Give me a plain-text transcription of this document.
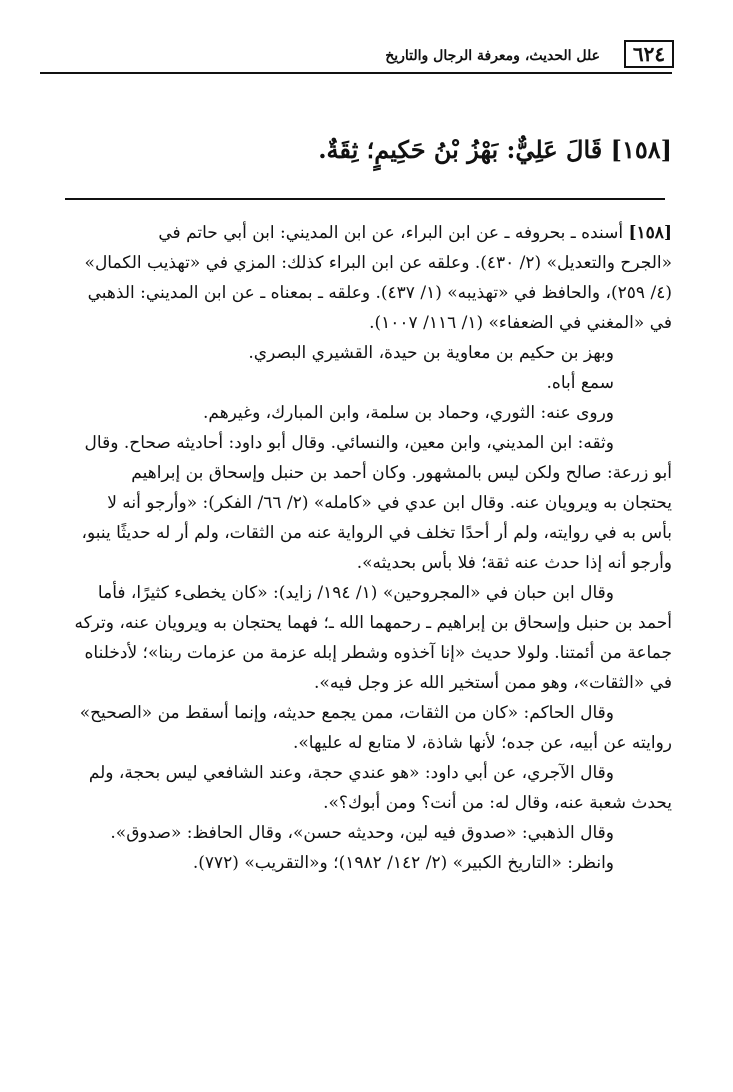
٦٢٤
علل الحديث، ومعرفة الرجال والتاريخ
[١٥٨] قَالَ عَلِيٌّ: بَهْزُ بْنُ حَكِيمٍ؛ ثِقَةٌ.
[١٥٨] أسنده ـ بحروفه ـ عن ابن البراء، عن ابن المديني: ابن أبي حاتم في
«الجرح والتعديل» (٢/ ٤٣٠). وعلقه عن ابن البراء كذلك: المزي في «تهذيب الكمال»
(٤/ ٢٥٩)، والحافظ في «تهذيبه» (١/ ٤٣٧). وعلقه ـ بمعناه ـ عن ابن المديني: الذهبي
في «المغني في الضعفاء» (١/ ١١٦/ ١٠٠٧).
وبهز بن حكيم بن معاوية بن حيدة، القشيري البصري.
سمع أباه.
وروى عنه: الثوري، وحماد بن سلمة، وابن المبارك، وغيرهم.
وثقه: ابن المديني، وابن معين، والنسائي. وقال أبو داود: أحاديثه صحاح. وقال
أبو زرعة: صالح ولكن ليس بالمشهور. وكان أحمد بن حنبل وإسحاق بن إبراهيم
يحتجان به ويرويان عنه. وقال ابن عدي في «كامله» (٢/ ٦٦/ الفكر): «وأرجو أنه لا
بأس به في روايته، ولم أر أحدًا تخلف في الرواية عنه من الثقات، ولم أر له حديثًا ينبو،
وأرجو أنه إذا حدث عنه ثقة؛ فلا بأس بحديثه».
وقال ابن حبان في «المجروحين» (١/ ١٩٤/ زايد): «كان يخطىء كثيرًا، فأما
أحمد بن حنبل وإسحاق بن إبراهيم ـ رحمهما الله ـ؛ فهما يحتجان به ويرويان عنه، وتركه
جماعة من أئمتنا. ولولا حديث «إنا آخذوه وشطر إبله عزمة من عزمات ربنا»؛ لأدخلناه
في «الثقات»، وهو ممن أستخير الله عز وجل فيه».
وقال الحاكم: «كان من الثقات، ممن يجمع حديثه، وإنما أسقط من «الصحيح»
روايته عن أبيه، عن جده؛ لأنها شاذة، لا متابع له عليها».
وقال الآجري، عن أبي داود: «هو عندي حجة، وعند الشافعي ليس بحجة، ولم
يحدث شعبة عنه، وقال له: من أنت؟ ومن أبوك؟».
وقال الذهبي: «صدوق فيه لين، وحديثه حسن»، وقال الحافظ: «صدوق».
وانظر: «التاريخ الكبير» (٢/ ١٤٢/ ١٩٨٢)؛ و«التقريب» (٧٧٢).
